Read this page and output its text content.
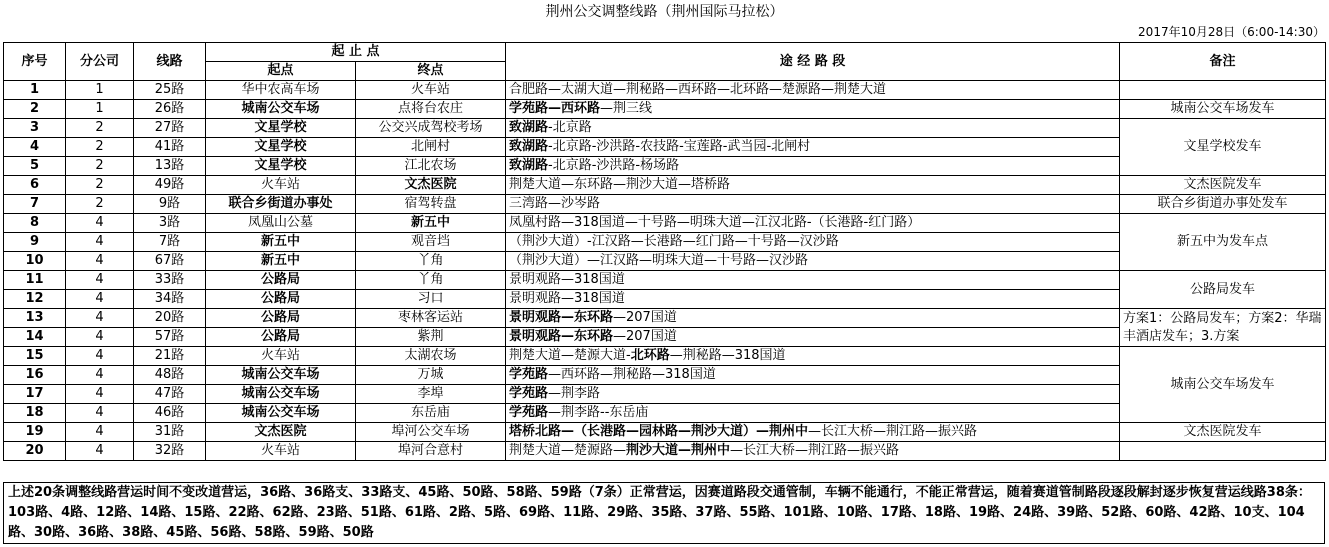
荆州公交调整线路（荆州国际马拉松）
2017年10月28日（6:00-14:30）
序号	分公司	线路	起 止 点		途 经 路 段	备注
			起点	终点		
1	1	25路	华中农高车场	火车站	合肥路—太湖大道—荆秘路—西环路—北环路—楚源路—荆楚大道	
2	1	26路	城南公交车场	点将台农庄	学苑路—西环路—荆三线	城南公交车场发车
3	2	27路	文星学校	公交兴成驾校考场	致湖路-北京路	文星学校发车
4	2	41路	文星学校	北闸村	致湖路-北京路-沙洪路-农技路-宝莲路-武当园-北闸村	
5	2	13路	文星学校	江北农场	致湖路-北京路-沙洪路-杨场路	
6	2	49路	火车站	文杰医院	荆楚大道—东环路—荆沙大道—塔桥路	文杰医院发车
7	2	9路	联合乡街道办事处	宿驾转盘	三湾路—沙岑路	联合乡街道办事处发车
8	4	3路	凤凰山公墓	新五中	凤凰村路—318国道—十号路—明珠大道—江汉北路-（长港路-红门路）	新五中为发车点
9	4	7路	新五中	观音垱	（荆沙大道）-江汉路—长港路—红门路—十号路—汉沙路	
10	4	67路	新五中	丫角	（荆沙大道）—江汉路—明珠大道—十号路—汉沙路	
11	4	33路	公路局	丫角	景明观路—318国道	公路局发车
12	4	34路	公路局	习口	景明观路—318国道	
13	4	20路	公路局	枣林客运站	景明观路—东环路—207国道	方案1：公路局发车；方案2：华瑞丰酒店发车；3.方案
14	4	57路	公路局	紫荆	景明观路—东环路—207国道	
15	4	21路	火车站	太湖农场	荆楚大道—楚源大道-北环路—荆秘路—318国道	城南公交车场发车
16	4	48路	城南公交车场	万城	学苑路—西环路—荆秘路—318国道	
17	4	47路	城南公交车场	李埠	学苑路—荆李路	
18	4	46路	城南公交车场	东岳庙	学苑路—荆李路--东岳庙	
19	4	31路	文杰医院	埠河公交车场	塔桥北路—（长港路—园林路—荆沙大道）—荆州中—长江大桥—荆江路—振兴路	文杰医院发车
20	4	32路	火车站	埠河合意村	荆楚大道—楚源路—荆沙大道—荆州中—长江大桥—荆江路—振兴路	
上述20条调整线路营运时间不变改道营运，36路、36路支、33路支、45路、50路、58路、59路（7条）正常营运，因赛道路段交通管制，车辆不能通行，不能正常营运，随着赛道管制路段逐段解封逐步恢复营运线路38条：103路、4路、12路、14路、15路、22路、62路、23路、51路、61路、2路、5路、69路、11路、29路、35路、37路、55路、101路、10路、17路、18路、19路、24路、39路、52路、60路、42路、10支、104路、30路、36路、38路、45路、56路、58路、59路、50路
